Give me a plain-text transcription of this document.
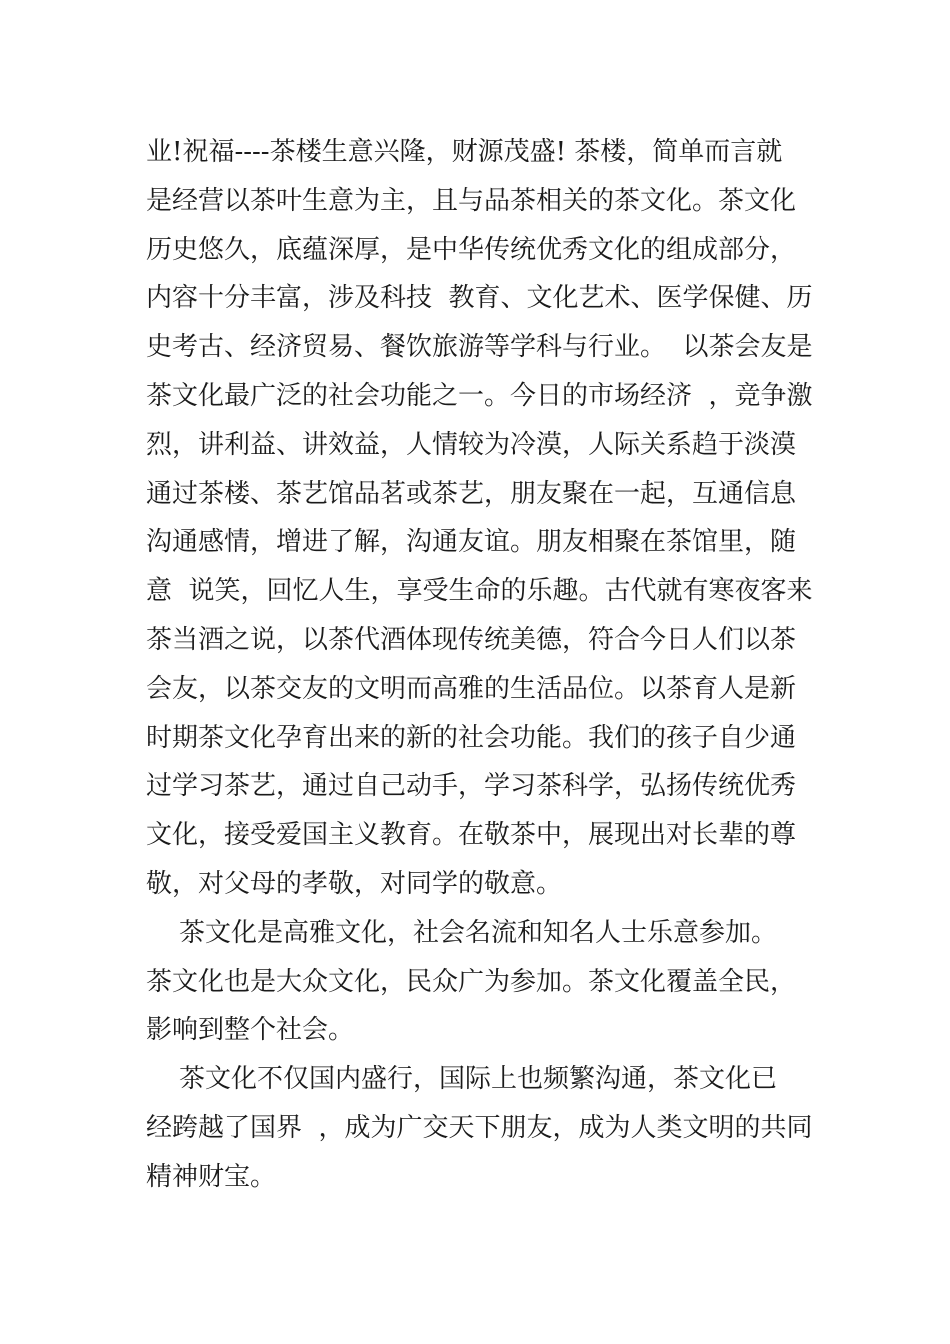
业!祝福----茶楼生意兴隆，财源茂盛! 茶楼，简单而言就
是经营以茶叶生意为主，且与品茶相关的茶文化。茶文化
历史悠久，底蕴深厚，是中华传统优秀文化的组成部分，
内容十分丰富，涉及科技  教育、文化艺术、医学保健、历
史考古、经济贸易、餐饮旅游等学科与行业。  以茶会友是
茶文化最广泛的社会功能之一。今日的市场经济  ，竞争激
烈，讲利益、讲效益，人情较为冷漠，人际关系趋于淡漠
通过茶楼、茶艺馆品茗或茶艺，朋友聚在一起，互通信息
沟通感情，增进了解，沟通友谊。朋友相聚在茶馆里，随
意  说笑，回忆人生，享受生命的乐趣。古代就有寒夜客来
茶当酒之说，以茶代酒体现传统美德，符合今日人们以茶
会友，以茶交友的文明而高雅的生活品位。以茶育人是新
时期茶文化孕育出来的新的社会功能。我们的孩子自少通
过学习茶艺，通过自己动手，学习茶科学，弘扬传统优秀
文化，接受爱国主义教育。在敬茶中，展现出对长辈的尊
敬，对父母的孝敬，对同学的敬意。
茶文化是高雅文化，社会名流和知名人士乐意参加。
茶文化也是大众文化，民众广为参加。茶文化覆盖全民，
影响到整个社会。
茶文化不仅国内盛行，国际上也频繁沟通，茶文化已
经跨越了国界  ，成为广交天下朋友，成为人类文明的共同
精神财宝。
